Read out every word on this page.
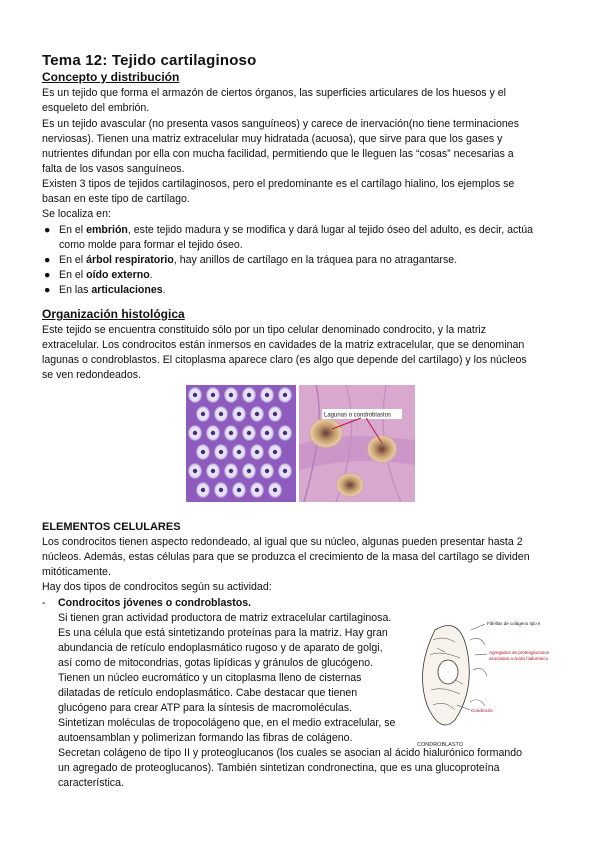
Tema 12: Tejido cartilaginoso
Concepto y distribución
Es un tejido que forma el armazón de ciertos órganos, las superficies articulares de los huesos y el
esqueleto del embrión.
Es un tejido avascular (no presenta vasos sanguíneos) y carece de inervación(no tiene terminaciones
nerviosas). Tienen una matriz extracelular muy hidratada (acuosa), que sirve para que los gases y
nutrientes difundan por ella con mucha facilidad, permitiendo que le lleguen las “cosas” necesarias a
falta de los vasos sanguíneos.
Existen 3 tipos de tejidos cartilaginosos, pero el predominante es el cartílago hialino, los ejemplos se
basan en este tipo de cartílago.
Se localiza en:
● En el embrión, este tejido madura y se modifica y dará lugar al tejido óseo del adulto, es decir, actúa
como molde para formar el tejido óseo.
● En el árbol respiratorio, hay anillos de cartílago en la tráquea para no atragantarse.
● En el oído externo.
● En las articulaciones.
Organización histológica
Este tejido se encuentra constituido sólo por un tipo celular denominado condrocito, y la matriz
extracelular. Los condrocitos están inmersos en cavidades de la matriz extracelular, que se denominan
lagunas o condroblastos. El citoplasma aparece claro (es algo que depende del cartílago) y los núcleos
se ven redondeados.
Lagunas o condroblastos
ELEMENTOS CELULARES
Los condrocitos tienen aspecto redondeado, al igual que su núcleo, algunas pueden presentar hasta 2
núcleos. Además, estas células para que se produzca el crecimiento de la masa del cartílago se dividen
mitóticamente.
Hay dos tipos de condrocitos según su actividad:
- Condrocitos jóvenes o condroblastos.
Si tienen gran actividad productora de matriz extracelular cartilaginosa.
Es una célula que está sintetizando proteínas para la matriz. Hay gran
abundancia de retículo endoplasmático rugoso y de aparato de golgi,
así como de mitocondrias, gotas lipídicas y gránulos de glucógeno.
Tienen un núcleo eucromático y un citoplasma lleno de cisternas
dilatadas de retículo endoplasmático. Cabe destacar que tienen
glucógeno para crear ATP para la síntesis de macromoléculas.
Sintetizan moléculas de tropocolágeno que, en el medio extracelular, se
autoensamblan y polimerizan formando las fibras de colágeno.
Secretan colágeno de tipo II y proteoglucanos (los cuales se asocian al ácido hialurónico formando
un agregado de proteoglucanos). También sintetizan condronectina, que es una glucoproteína
característica.
Fibrillas de colágeno tipo II
Agregados de proteoglucanos
asociados a ácido hialurónico
Condrocito
CONDROBLASTO
